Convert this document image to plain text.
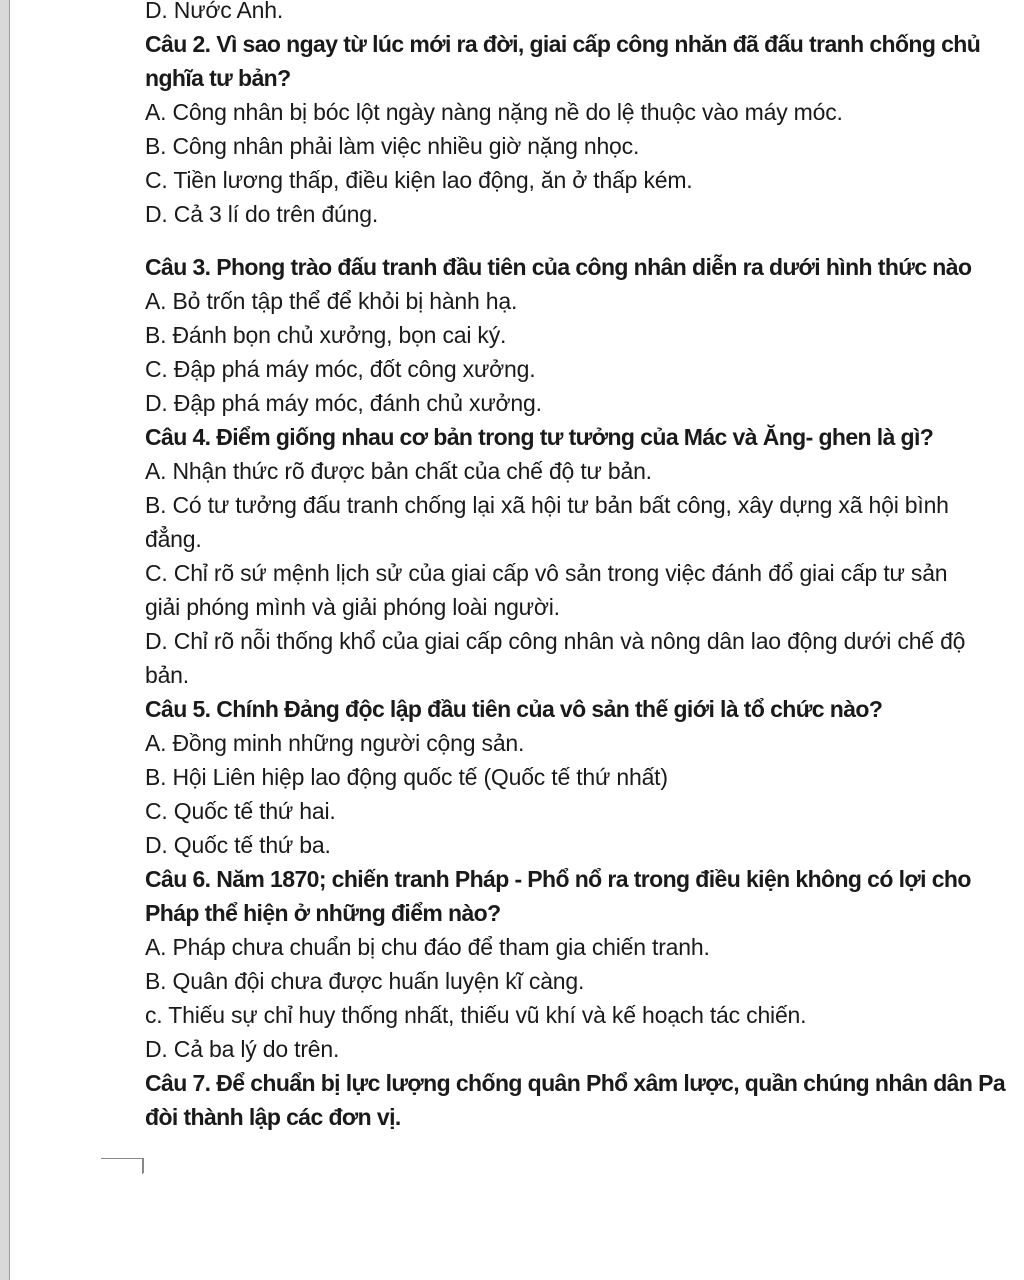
D. Nước Anh.
Câu 2. Vì sao ngay từ lúc mới ra đời, giai cấp công nhăn đã đấu tranh chống chủ
nghĩa tư bản?
A. Công nhân bị bóc lột ngày nàng nặng nề do lệ thuộc vào máy móc.
B. Công nhân phải làm việc nhiều giờ nặng nhọc.
C. Tiền lương thấp, điều kiện lao động, ăn ở thấp kém.
D. Cả 3 lí do trên đúng.
Câu 3. Phong trào đấu tranh đầu tiên của công nhân diễn ra dưới hình thức nào
A. Bỏ trốn tập thể để khỏi bị hành hạ.
B. Đánh bọn chủ xưởng, bọn cai ký.
C. Đập phá máy móc, đốt công xưởng.
D. Đập phá máy móc, đánh chủ xưởng.
Câu 4. Điểm giống nhau cơ bản trong tư tưởng của Mác và Ăng- ghen là gì?
A. Nhận thức rõ được bản chất của chế độ tư bản.
B. Có tư tưởng đấu tranh chống lại xã hội tư bản bất công, xây dựng xã hội bình
đẳng.
C. Chỉ rõ sứ mệnh lịch sử của giai cấp vô sản trong việc đánh đổ giai cấp tư sản
giải phóng mình và giải phóng loài người.
D. Chỉ rõ nỗi thống khổ của giai cấp công nhân và nông dân lao động dưới chế độ
bản.
Câu 5. Chính Đảng độc lập đầu tiên của vô sản thế giới là tổ chức nào?
A. Đồng minh những người cộng sản.
B. Hội Liên hiệp lao động quốc tế (Quốc tế thứ nhất)
C. Quốc tế thứ hai.
D. Quốc tế thứ ba.
Câu 6. Năm 1870; chiến tranh Pháp - Phổ nổ ra trong điều kiện không có lợi cho
Pháp thể hiện ở những điểm nào?
A. Pháp chưa chuẩn bị chu đáo để tham gia chiến tranh.
B. Quân đội chưa được huấn luyện kĩ càng.
c. Thiếu sự chỉ huy thống nhất, thiếu vũ khí và kế hoạch tác chiến.
D. Cả ba lý do trên.
Câu 7. Để chuẩn bị lực lượng chống quân Phổ xâm lược, quần chúng nhân dân Pa
đòi thành lập các đơn vị.
